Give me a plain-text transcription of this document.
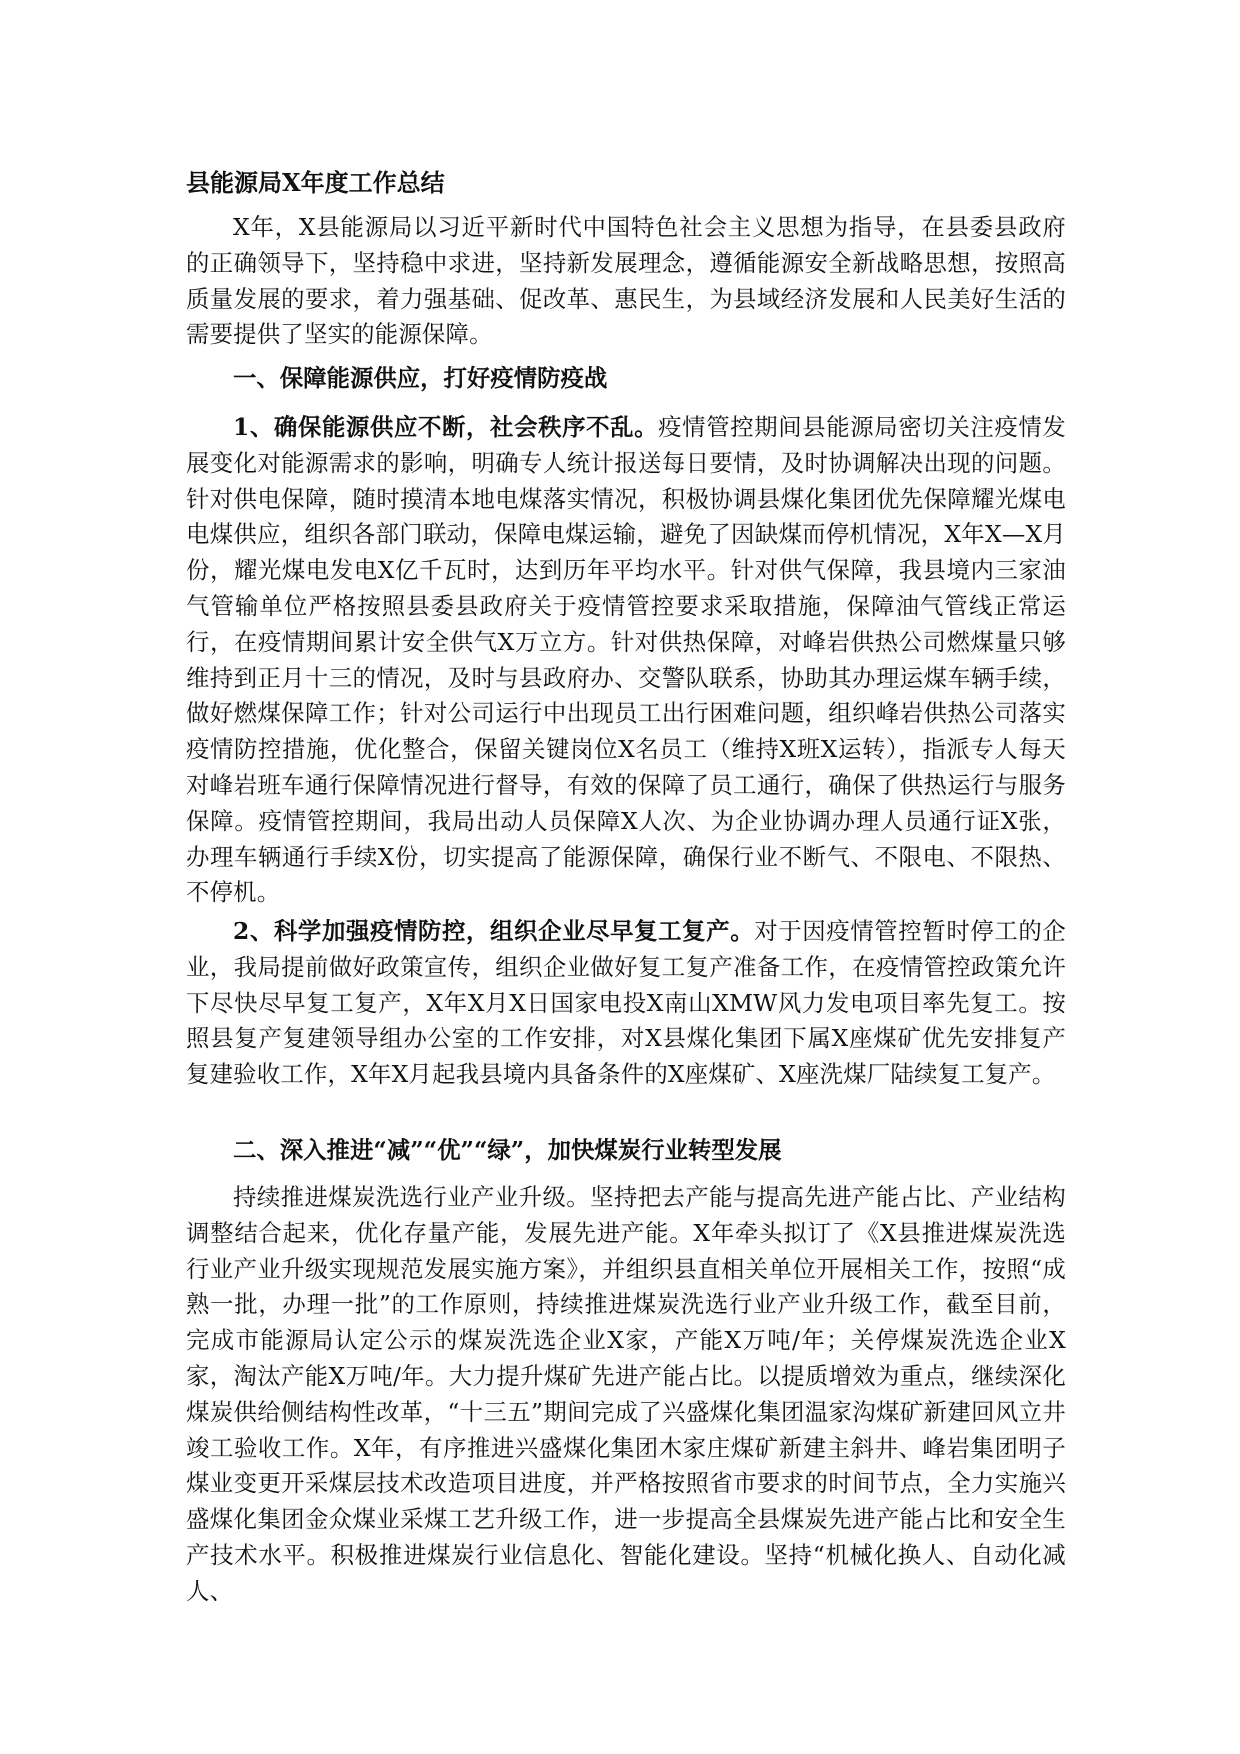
县能源局X年度工作总结
X年，X县能源局以习近平新时代中国特色社会主义思想为指导，在县委县政府的正确领导下，坚持稳中求进，坚持新发展理念，遵循能源安全新战略思想，按照高质量发展的要求，着力强基础、促改革、惠民生，为县域经济发展和人民美好生活的需要提供了坚实的能源保障。
一、保障能源供应，打好疫情防疫战
1、确保能源供应不断，社会秩序不乱。疫情管控期间县能源局密切关注疫情发展变化对能源需求的影响，明确专人统计报送每日要情，及时协调解决出现的问题。针对供电保障，随时摸清本地电煤落实情况，积极协调县煤化集团优先保障耀光煤电电煤供应，组织各部门联动，保障电煤运输，避免了因缺煤而停机情况，X年X—X月份，耀光煤电发电X亿千瓦时，达到历年平均水平。针对供气保障，我县境内三家油气管输单位严格按照县委县政府关于疫情管控要求采取措施，保障油气管线正常运行，在疫情期间累计安全供气X万立方。针对供热保障，对峰岩供热公司燃煤量只够维持到正月十三的情况，及时与县政府办、交警队联系，协助其办理运煤车辆手续，做好燃煤保障工作；针对公司运行中出现员工出行困难问题，组织峰岩供热公司落实疫情防控措施，优化整合，保留关键岗位X名员工（维持X班X运转），指派专人每天对峰岩班车通行保障情况进行督导，有效的保障了员工通行，确保了供热运行与服务保障。疫情管控期间，我局出动人员保障X人次、为企业协调办理人员通行证X张，办理车辆通行手续X份，切实提高了能源保障，确保行业不断气、不限电、不限热、不停机。
2、科学加强疫情防控，组织企业尽早复工复产。对于因疫情管控暂时停工的企业，我局提前做好政策宣传，组织企业做好复工复产准备工作，在疫情管控政策允许下尽快尽早复工复产，X年X月X日国家电投X南山XMW风力发电项目率先复工。按照县复产复建领导组办公室的工作安排，对X县煤化集团下属X座煤矿优先安排复产复建验收工作，X年X月起我县境内具备条件的X座煤矿、X座洗煤厂陆续复工复产。
二、深入推进“减”“优”“绿”，加快煤炭行业转型发展
持续推进煤炭洗选行业产业升级。坚持把去产能与提高先进产能占比、产业结构调整结合起来，优化存量产能，发展先进产能。X年牵头拟订了《X县推进煤炭洗选行业产业升级实现规范发展实施方案》，并组织县直相关单位开展相关工作，按照“成熟一批，办理一批”的工作原则，持续推进煤炭洗选行业产业升级工作，截至目前，完成市能源局认定公示的煤炭洗选企业X家，产能X万吨/年；关停煤炭洗选企业X家，淘汰产能X万吨/年。大力提升煤矿先进产能占比。以提质增效为重点，继续深化煤炭供给侧结构性改革，“十三五”期间完成了兴盛煤化集团温家沟煤矿新建回风立井竣工验收工作。X年，有序推进兴盛煤化集团木家庄煤矿新建主斜井、峰岩集团明子煤业变更开采煤层技术改造项目进度，并严格按照省市要求的时间节点，全力实施兴盛煤化集团金众煤业采煤工艺升级工作，进一步提高全县煤炭先进产能占比和安全生产技术水平。积极推进煤炭行业信息化、智能化建设。坚持“机械化换人、自动化减人、
